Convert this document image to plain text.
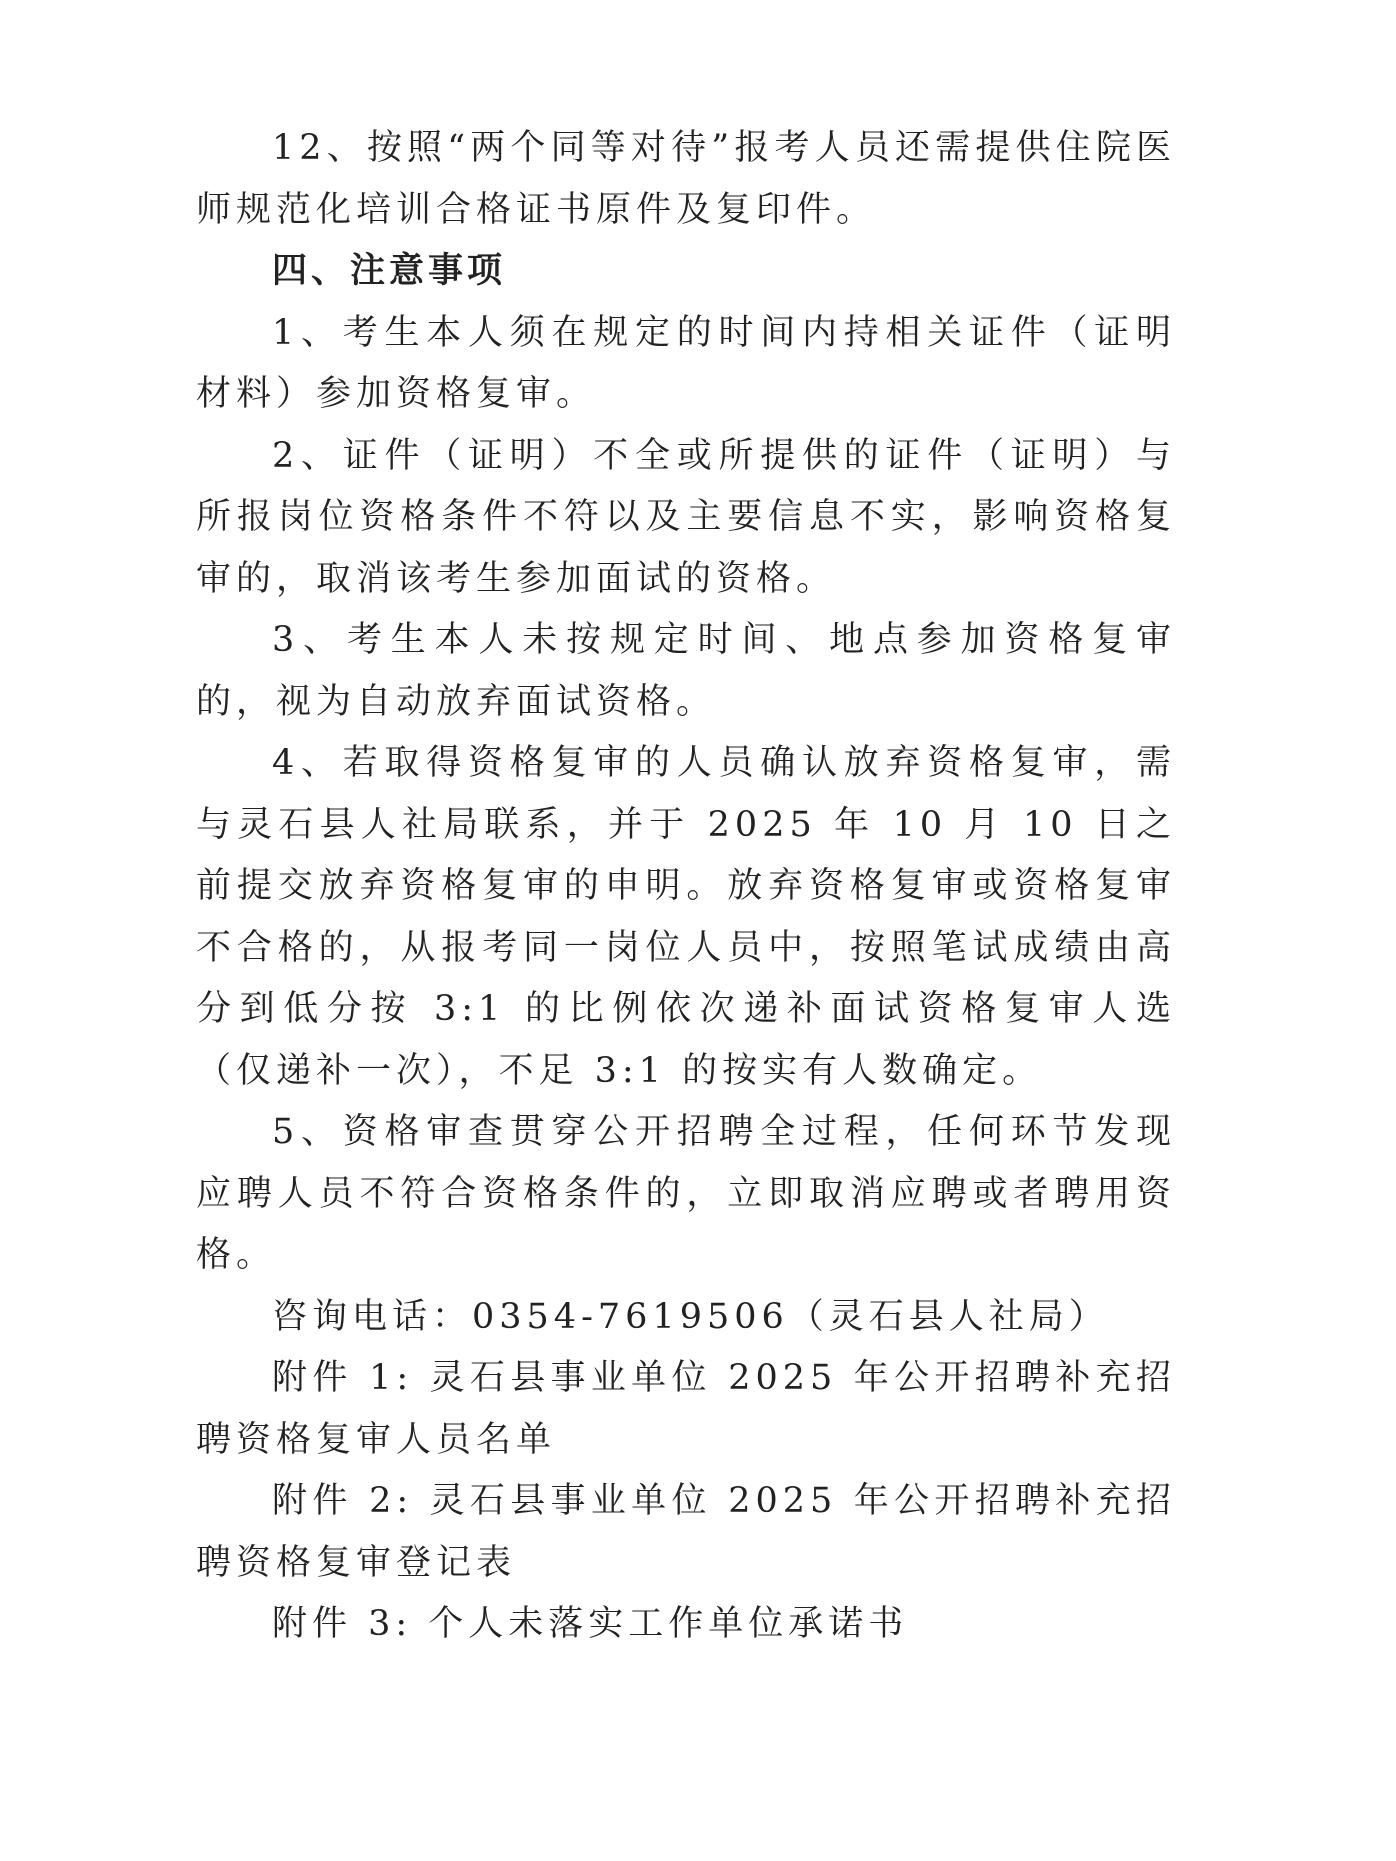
12、按照“两个同等对待”报考人员还需提供住院医师规范化培训合格证书原件及复印件。

四、注意事项

1、考生本人须在规定的时间内持相关证件（证明材料）参加资格复审。

2、证件（证明）不全或所提供的证件（证明）与所报岗位资格条件不符以及主要信息不实，影响资格复审的，取消该考生参加面试的资格。

3、考生本人未按规定时间、地点参加资格复审的，视为自动放弃面试资格。

4、若取得资格复审的人员确认放弃资格复审，需与灵石县人社局联系，并于 2025 年 10 月 10 日之前提交放弃资格复审的申明。放弃资格复审或资格复审不合格的，从报考同一岗位人员中，按照笔试成绩由高分到低分按 3:1 的比例依次递补面试资格复审人选（仅递补一次），不足 3:1 的按实有人数确定。

5、资格审查贯穿公开招聘全过程，任何环节发现应聘人员不符合资格条件的，立即取消应聘或者聘用资格。

咨询电话：0354-7619506（灵石县人社局）

附件 1: 灵石县事业单位 2025 年公开招聘补充招聘资格复审人员名单

附件 2: 灵石县事业单位 2025 年公开招聘补充招聘资格复审登记表

附件 3: 个人未落实工作单位承诺书
